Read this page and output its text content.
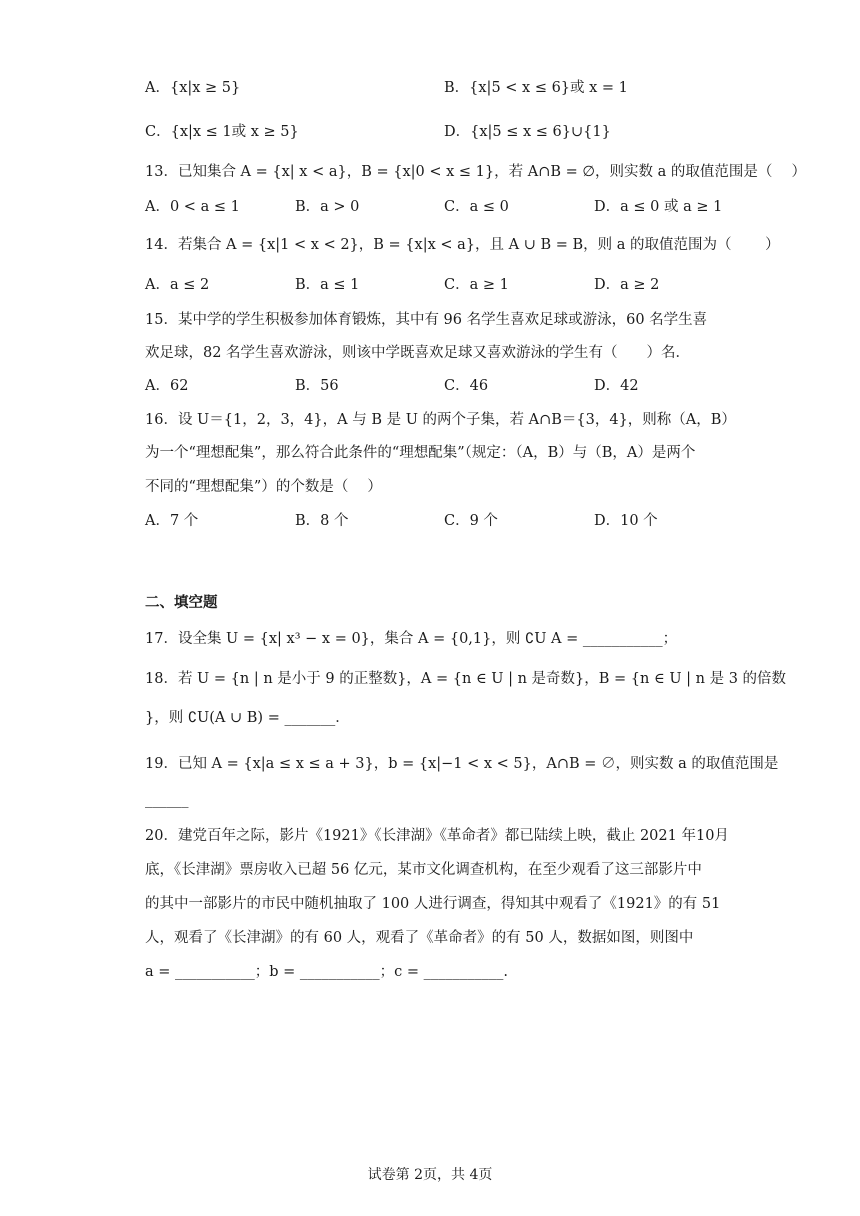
A．{x|x ≥ 5}	B．{x|5 < x ≤ 6}或 x = 1
C．{x|x ≤ 1或 x ≥ 5}	D．{x|5 ≤ x ≤ 6}∪{1}
13．已知集合 A = {x| x < a}，B = {x|0 < x ≤ 1}，若 A∩B = ∅，则实数 a 的取值范围是（　 ）
A．0 < a ≤ 1	B．a > 0	C．a ≤ 0	D．a ≤ 0 或 a ≥ 1
14．若集合 A = {x|1 < x < 2}，B = {x|x < a}，且 A ∪ B = B，则 a 的取值范围为（　　 ）
A．a ≤ 2	B．a ≤ 1	C．a ≥ 1	D．a ≥ 2
15．某中学的学生积极参加体育锻炼，其中有 96 名学生喜欢足球或游泳，60 名学生喜
欢足球，82 名学生喜欢游泳，则该中学既喜欢足球又喜欢游泳的学生有（　　）名．
A．62	B．56	C．46	D．42
16．设 U＝{1，2，3，4}，A 与 B 是 U 的两个子集，若 A∩B＝{3，4}，则称（A，B）
为一个“理想配集”，那么符合此条件的“理想配集”（规定：（A，B）与（B，A）是两个
不同的“理想配集”）的个数是（　 ）
A．7 个	B．8 个	C．9 个	D．10 个
二、填空题
17．设全集 U = {x| x³ − x = 0}，集合 A = {0,1}，则 ∁U A = ___________；
18．若 U = {n | n 是小于 9 的正整数}，A = {n ∈ U | n 是奇数}，B = {n ∈ U | n 是 3 的倍数
}，则 ∁U(A ∪ B) = _______．
19．已知 A = {x|a ≤ x ≤ a + 3}，b = {x|−1 < x < 5}，A∩B = ∅，则实数 a 的取值范围是
______
20．建党百年之际，影片《1921》《长津湖》《革命者》都已陆续上映，截止 2021 年10月
底，《长津湖》票房收入已超 56 亿元，某市文化调查机构，在至少观看了这三部影片中
的其中一部影片的市民中随机抽取了 100 人进行调查，得知其中观看了《1921》的有 51
人，观看了《长津湖》的有 60 人，观看了《革命者》的有 50 人，数据如图，则图中
a = ___________；b = ___________；c = ___________.
试卷第 2页，共 4页
